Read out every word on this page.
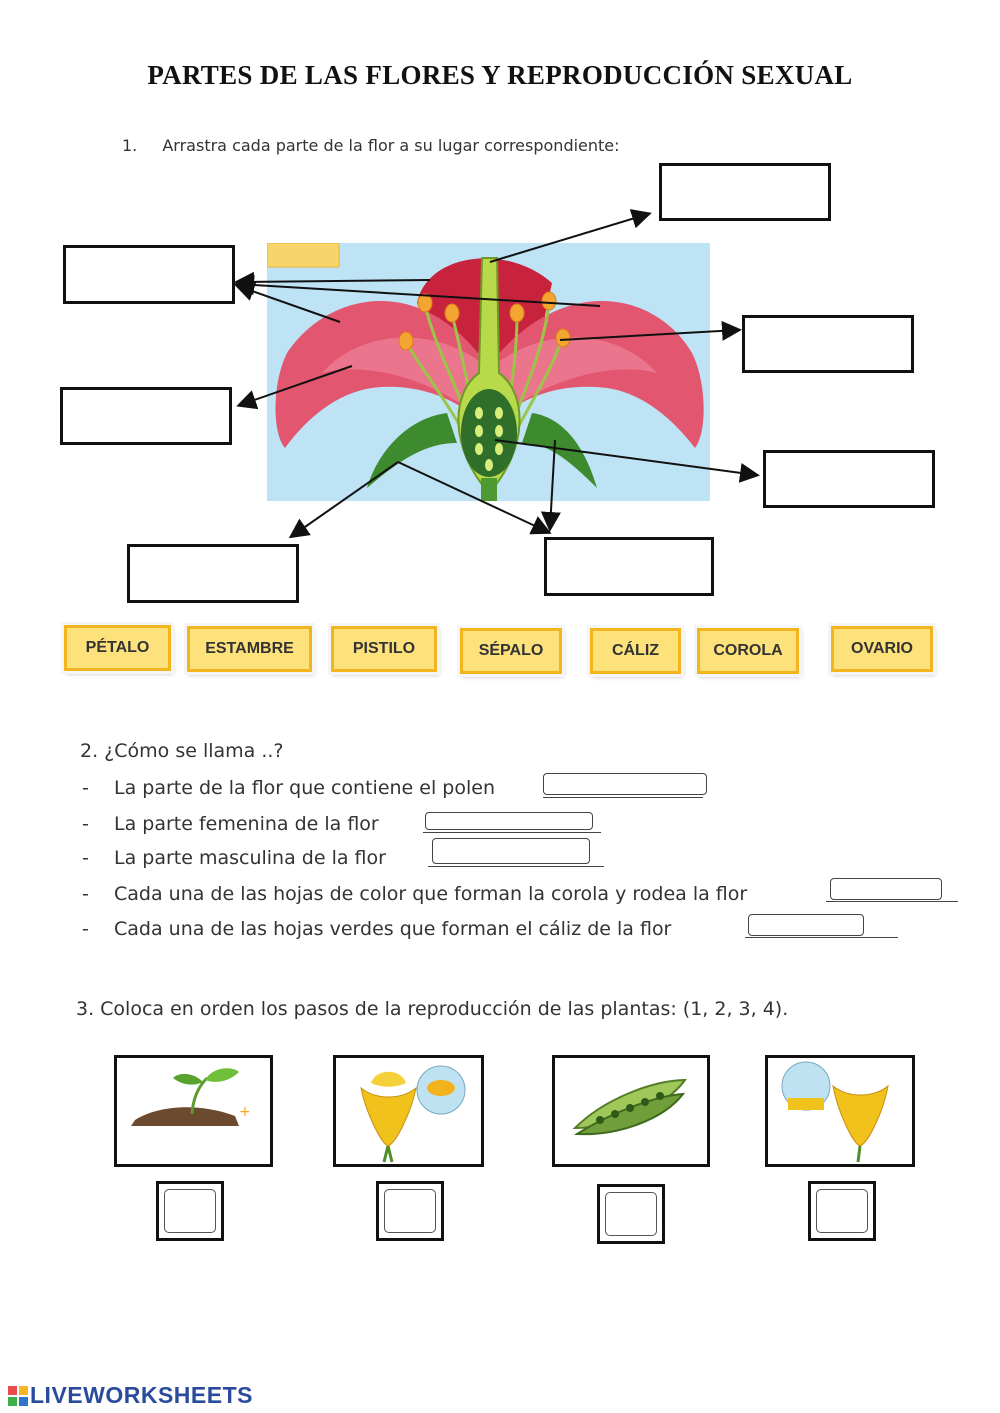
PARTES DE LAS FLORES Y REPRODUCCIÓN SEXUAL
1. Arrastra cada parte de la flor a su lugar correspondiente:
PÉTALO	ESTAMBRE	PISTILO	SÉPALO	CÁLIZ	COROLA	OVARIO
2. ¿Cómo se llama ..?
- La parte de la flor que contiene el polen
- La parte femenina de la flor
- La parte masculina de la flor
- Cada una de las hojas de color que forman la corola y rodea la flor
- Cada una de las hojas verdes que forman el cáliz de la flor
3. Coloca en orden los pasos de la reproducción de las plantas: (1, 2, 3, 4).
+
LIVEWORKSHEETS
